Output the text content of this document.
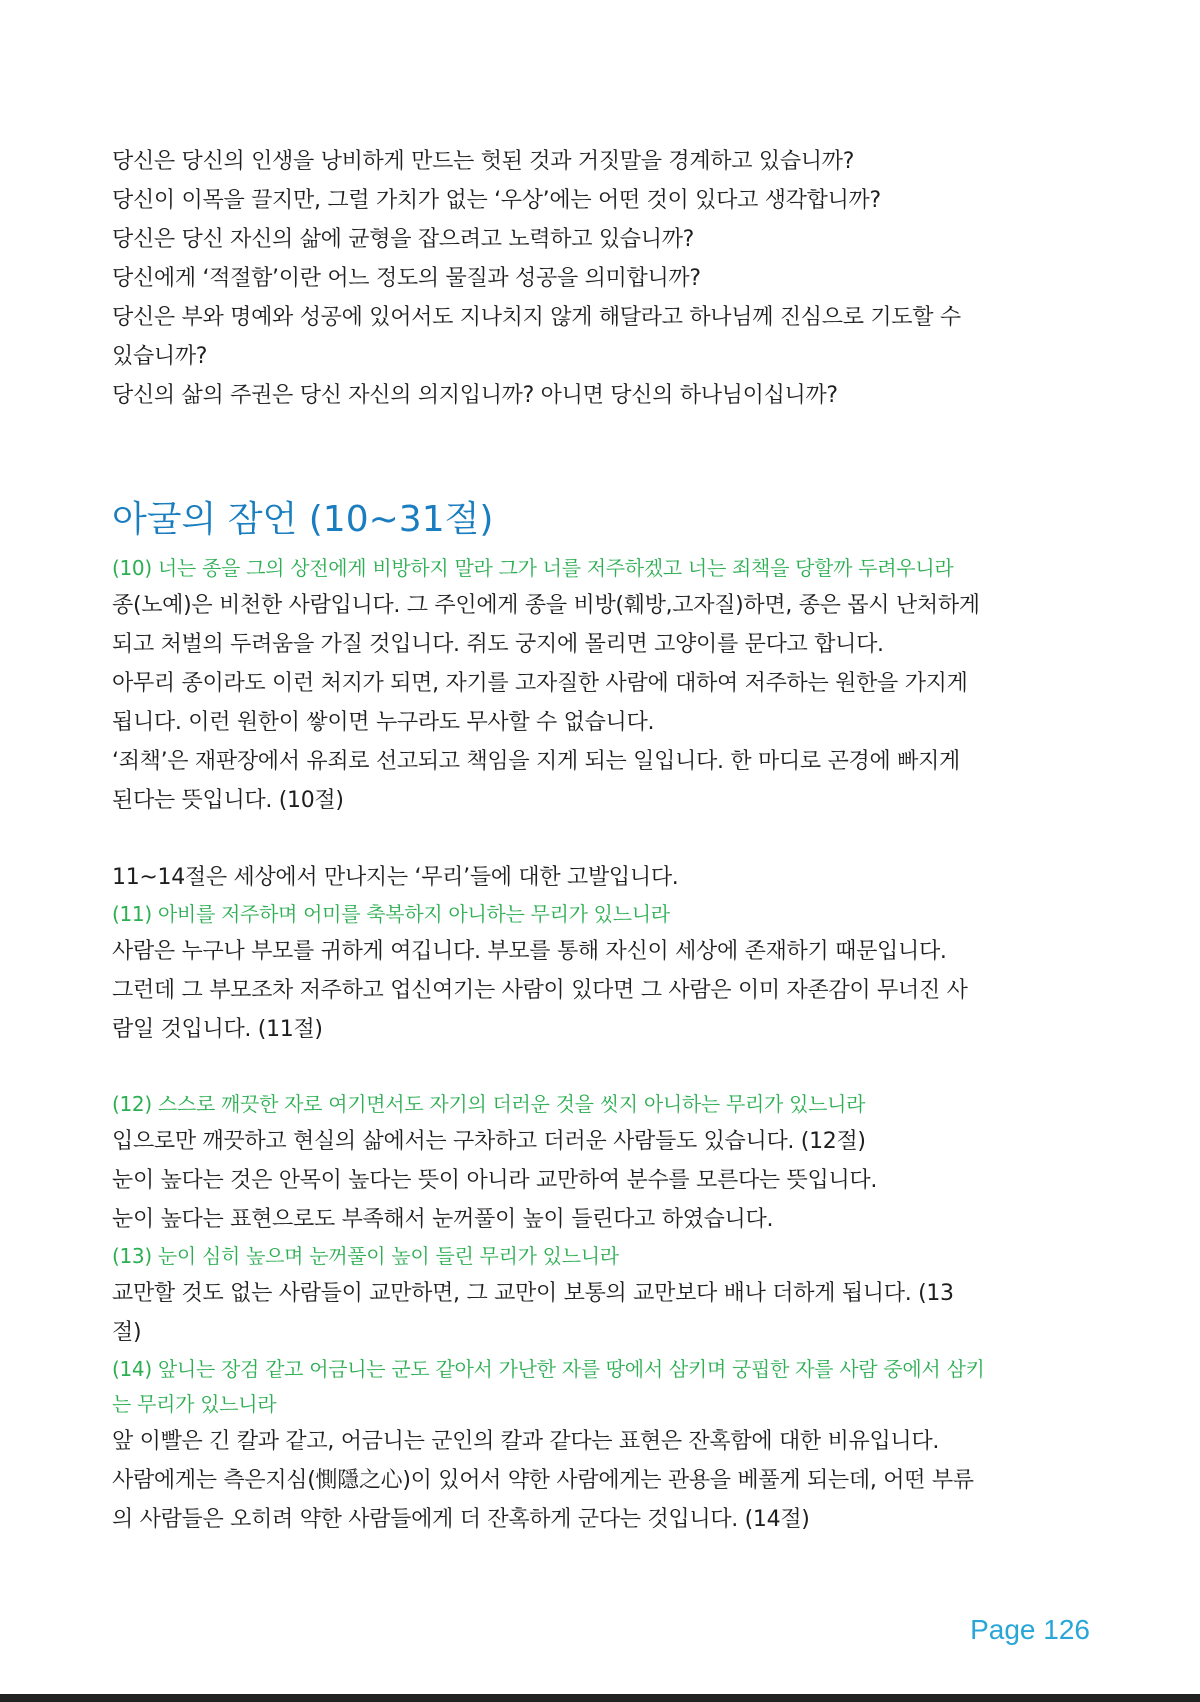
당신은 당신의 인생을 낭비하게 만드는 헛된 것과 거짓말을 경계하고 있습니까?
당신이 이목을 끌지만, 그럴 가치가 없는 ‘우상’에는 어떤 것이 있다고 생각합니까?
당신은 당신 자신의 삶에 균형을 잡으려고 노력하고 있습니까?
당신에게 ‘적절함’이란 어느 정도의 물질과 성공을 의미합니까?
당신은 부와 명예와 성공에 있어서도 지나치지 않게 해달라고 하나님께 진심으로 기도할 수
있습니까?
당신의 삶의 주권은 당신 자신의 의지입니까? 아니면 당신의 하나님이십니까?
아굴의 잠언 (10~31절)
(10) 너는 종을 그의 상전에게 비방하지 말라 그가 너를 저주하겠고 너는 죄책을 당할까 두려우니라
종(노예)은 비천한 사람입니다. 그 주인에게 종을 비방(훼방,고자질)하면, 종은 몹시 난처하게
되고 처벌의 두려움을 가질 것입니다. 쥐도 궁지에 몰리면 고양이를 문다고 합니다.
아무리 종이라도 이런 처지가 되면, 자기를 고자질한 사람에 대하여 저주하는 원한을 가지게
됩니다. 이런 원한이 쌓이면 누구라도 무사할 수 없습니다.
‘죄책’은 재판장에서 유죄로 선고되고 책임을 지게 되는 일입니다. 한 마디로 곤경에 빠지게
된다는 뜻입니다. (10절)
11~14절은 세상에서 만나지는 ‘무리’들에 대한 고발입니다.
(11) 아비를 저주하며 어미를 축복하지 아니하는 무리가 있느니라
사람은 누구나 부모를 귀하게 여깁니다. 부모를 통해 자신이 세상에 존재하기 때문입니다.
그런데 그 부모조차 저주하고 업신여기는 사람이 있다면 그 사람은 이미 자존감이 무너진 사
람일 것입니다. (11절)
(12) 스스로 깨끗한 자로 여기면서도 자기의 더러운 것을 씻지 아니하는 무리가 있느니라
입으로만 깨끗하고 현실의 삶에서는 구차하고 더러운 사람들도 있습니다. (12절)
눈이 높다는 것은 안목이 높다는 뜻이 아니라 교만하여 분수를 모른다는 뜻입니다.
눈이 높다는 표현으로도 부족해서 눈꺼풀이 높이 들린다고 하였습니다.
(13) 눈이 심히 높으며 눈꺼풀이 높이 들린 무리가 있느니라
교만할 것도 없는 사람들이 교만하면, 그 교만이 보통의 교만보다 배나 더하게 됩니다. (13
절)
(14) 앞니는 장검 같고 어금니는 군도 같아서 가난한 자를 땅에서 삼키며 궁핍한 자를 사람 중에서 삼키
는 무리가 있느니라
앞 이빨은 긴 칼과 같고, 어금니는 군인의 칼과 같다는 표현은 잔혹함에 대한 비유입니다.
사람에게는 측은지심(惻隱之心)이 있어서 약한 사람에게는 관용을 베풀게 되는데, 어떤 부류
의 사람들은 오히려 약한 사람들에게 더 잔혹하게 군다는 것입니다. (14절)
Page 126
